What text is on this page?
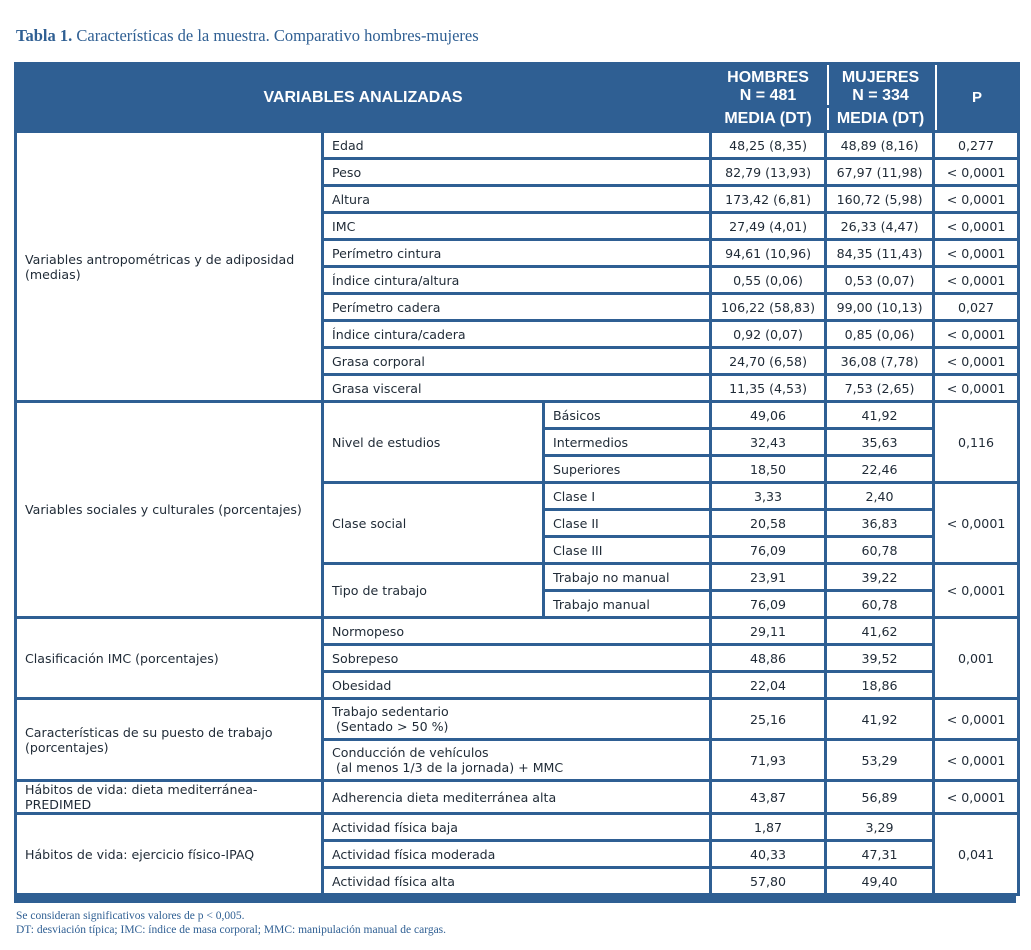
Tabla 1. Características de la muestra. Comparativo hombres-mujeres
VARIABLES ANALIZADAS			HOMBRES
N = 481	MUJERES
N = 334	P
			MEDIA (DT)	MEDIA (DT)	
Variables antropométricas y de adiposidad (medias)	Edad		48,25 (8,35)	48,89 (8,16)	0,277
	Peso		82,79 (13,93)	67,97 (11,98)	< 0,0001
	Altura		173,42 (6,81)	160,72 (5,98)	< 0,0001
	IMC		27,49 (4,01)	26,33 (4,47)	< 0,0001
	Perímetro cintura		94,61 (10,96)	84,35 (11,43)	< 0,0001
	Índice cintura/altura		0,55 (0,06)	0,53 (0,07)	< 0,0001
	Perímetro cadera		106,22 (58,83)	99,00 (10,13)	0,027
	Índice cintura/cadera		0,92 (0,07)	0,85 (0,06)	< 0,0001
	Grasa corporal		24,70 (6,58)	36,08 (7,78)	< 0,0001
	Grasa visceral		11,35 (4,53)	7,53 (2,65)	< 0,0001
Variables sociales y culturales (porcentajes)	Nivel de estudios	Básicos	49,06	41,92	0,116
		Intermedios	32,43	35,63	
		Superiores	18,50	22,46	
	Clase social	Clase I	3,33	2,40	< 0,0001
		Clase II	20,58	36,83	
		Clase III	76,09	60,78	
	Tipo de trabajo	Trabajo no manual	23,91	39,22	< 0,0001
		Trabajo manual	76,09	60,78	
Clasificación IMC (porcentajes)	Normopeso		29,11	41,62	0,001
	Sobrepeso		48,86	39,52	
	Obesidad		22,04	18,86	
Características de su puesto de trabajo (porcentajes)	Trabajo sedentario
(Sentado > 50 %)		25,16	41,92	< 0,0001
	Conducción de vehículos
(al menos 1/3 de la jornada) + MMC		71,93	53,29	< 0,0001
Hábitos de vida: dieta mediterránea-PREDIMED	Adherencia dieta mediterránea alta		43,87	56,89	< 0,0001
Hábitos de vida: ejercicio físico-IPAQ	Actividad física baja		1,87	3,29	0,041
	Actividad física moderada		40,33	47,31	
	Actividad física alta		57,80	49,40	
Se consideran significativos valores de p < 0,005.
DT: desviación típica; IMC: índice de masa corporal; MMC: manipulación manual de cargas.
